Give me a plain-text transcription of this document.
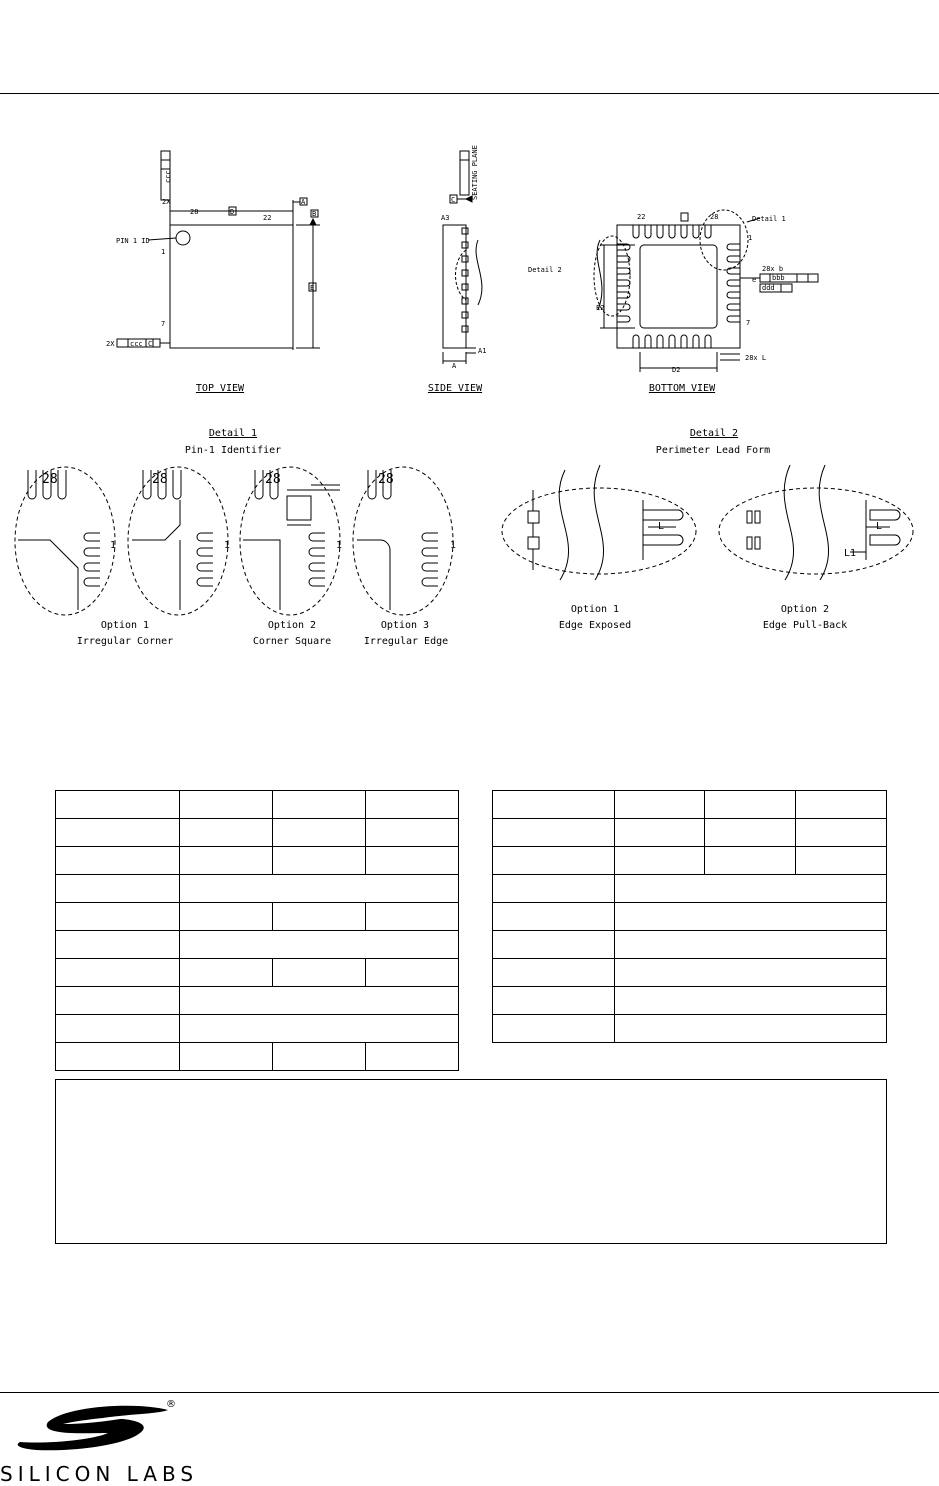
28
22
PIN 1 ID
1
7
2X
2X ccc
ccc
D
E
A
B
C
A3
A1
A
C SEATING PLANE
22	28
1
7
Detail 1
Detail 2	28x b
28x L
E2
D2
e bbb
ddd
28	28	28	28
1	1	1	1
L	L
L1
TOP VIEW	SIDE VIEW	BOTTOM VIEW
Detail 1
Pin-1 Identifier
Detail 2
Perimeter Lead Form
Option 1
Irregular Corner
Option 2
Corner Square
Option 3
Irregular Edge
Option 1
Edge Exposed
Option 2
Edge Pull-Back

®
SILICON LABS
